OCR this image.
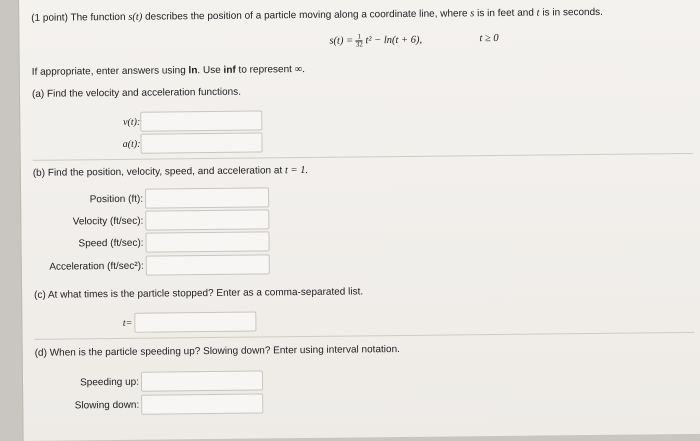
(1 point) The function s(t) describes the position of a particle moving along a coordinate line, where s is in feet and t is in seconds.
$s(t) = \frac{1}{32} t^2 - \ln(t + 6)$,	t ≥ 0
If appropriate, enter answers using ln. Use inf to represent ∞.
(a) Find the velocity and acceleration functions.
v(t):
a(t):
(b) Find the position, velocity, speed, and acceleration at t = 1.
Position (ft):
Velocity (ft/sec):
Speed (ft/sec):
Acceleration (ft/sec²):
(c) At what times is the particle stopped? Enter as a comma-separated list.
t=
(d) When is the particle speeding up? Slowing down? Enter using interval notation.
Speeding up:
Slowing down:
